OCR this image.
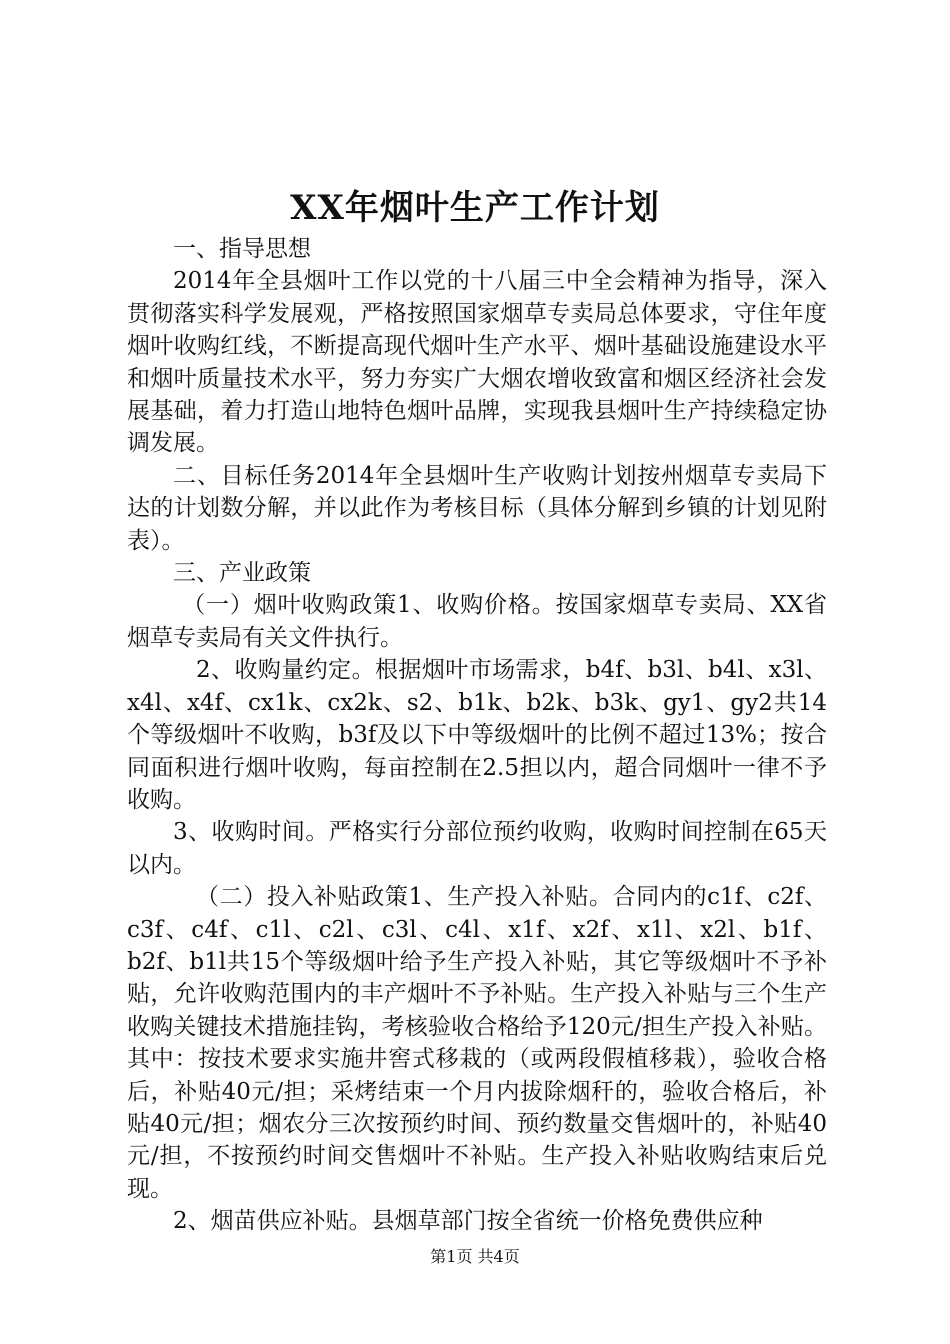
XX年烟叶生产工作计划

一、指导思想

2014年全县烟叶工作以党的十八届三中全会精神为指导，深入贯彻落实科学发展观，严格按照国家烟草专卖局总体要求，守住年度烟叶收购红线，不断提高现代烟叶生产水平、烟叶基础设施建设水平和烟叶质量技术水平，努力夯实广大烟农增收致富和烟区经济社会发展基础，着力打造山地特色烟叶品牌，实现我县烟叶生产持续稳定协调发展。

二、目标任务2014年全县烟叶生产收购计划按州烟草专卖局下达的计划数分解，并以此作为考核目标（具体分解到乡镇的计划见附表）。

三、产业政策

（一）烟叶收购政策1、收购价格。按国家烟草专卖局、XX省烟草专卖局有关文件执行。

2、收购量约定。根据烟叶市场需求，b4f、b3l、b4l、x3l、x4l、x4f、cx1k、cx2k、s2、b1k、b2k、b3k、gy1、gy2共14个等级烟叶不收购，b3f及以下中等级烟叶的比例不超过13%；按合同面积进行烟叶收购，每亩控制在2.5担以内，超合同烟叶一律不予收购。

3、收购时间。严格实行分部位预约收购，收购时间控制在65天以内。

（二）投入补贴政策1、生产投入补贴。合同内的c1f、c2f、c3f、c4f、c1l、c2l、c3l、c4l、x1f、x2f、x1l、x2l、b1f、b2f、b1l共15个等级烟叶给予生产投入补贴，其它等级烟叶不予补贴，允许收购范围内的丰产烟叶不予补贴。生产投入补贴与三个生产收购关键技术措施挂钩，考核验收合格给予120元/担生产投入补贴。其中：按技术要求实施井窖式移栽的（或两段假植移栽），验收合格后，补贴40元/担；采烤结束一个月内拔除烟秆的，验收合格后，补贴40元/担；烟农分三次按预约时间、预约数量交售烟叶的，补贴40元/担，不按预约时间交售烟叶不补贴。生产投入补贴收购结束后兑现。

2、烟苗供应补贴。县烟草部门按全省统一价格免费供应种

第1页 共4页
